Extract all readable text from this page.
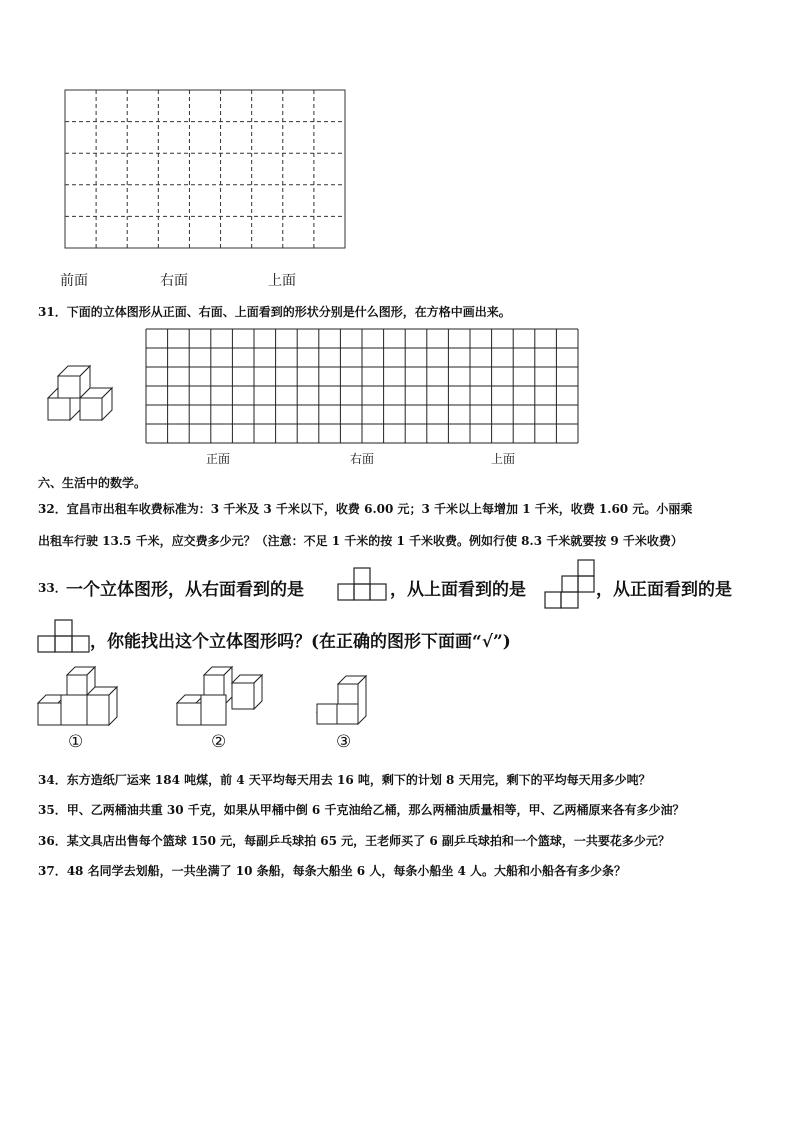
前面	右面	上面
31．下面的立体图形从正面、右面、上面看到的形状分别是什么图形，在方格中画出来。
正面	右面	上面
六、生活中的数学。
32．宜昌市出租车收费标准为：3 千米及 3 千米以下，收费 6.00 元；3 千米以上每增加 1 千米，收费 1.60 元。小丽乘
出租车行驶 13.5 千米，应交费多少元？（注意：不足 1 千米的按 1 千米收费。例如行使 8.3 千米就要按 9 千米收费）
33． 一个立体图形，从右面看到的是	，从上面看到的是	，从正面看到的是
，你能找出这个立体图形吗？(在正确的图形下面画“√”)
①	②	③
34．东方造纸厂运来 184 吨煤，前 4 天平均每天用去 16 吨，剩下的计划 8 天用完，剩下的平均每天用多少吨？
35．甲、乙两桶油共重 30 千克，如果从甲桶中倒 6 千克油给乙桶，那么两桶油质量相等，甲、乙两桶原来各有多少油？
36．某文具店出售每个篮球 150 元，每副乒乓球拍 65 元，王老师买了 6 副乒乓球拍和一个篮球，一共要花多少元？
37．48 名同学去划船，一共坐满了 10 条船，每条大船坐 6 人，每条小船坐 4 人。大船和小船各有多少条？
